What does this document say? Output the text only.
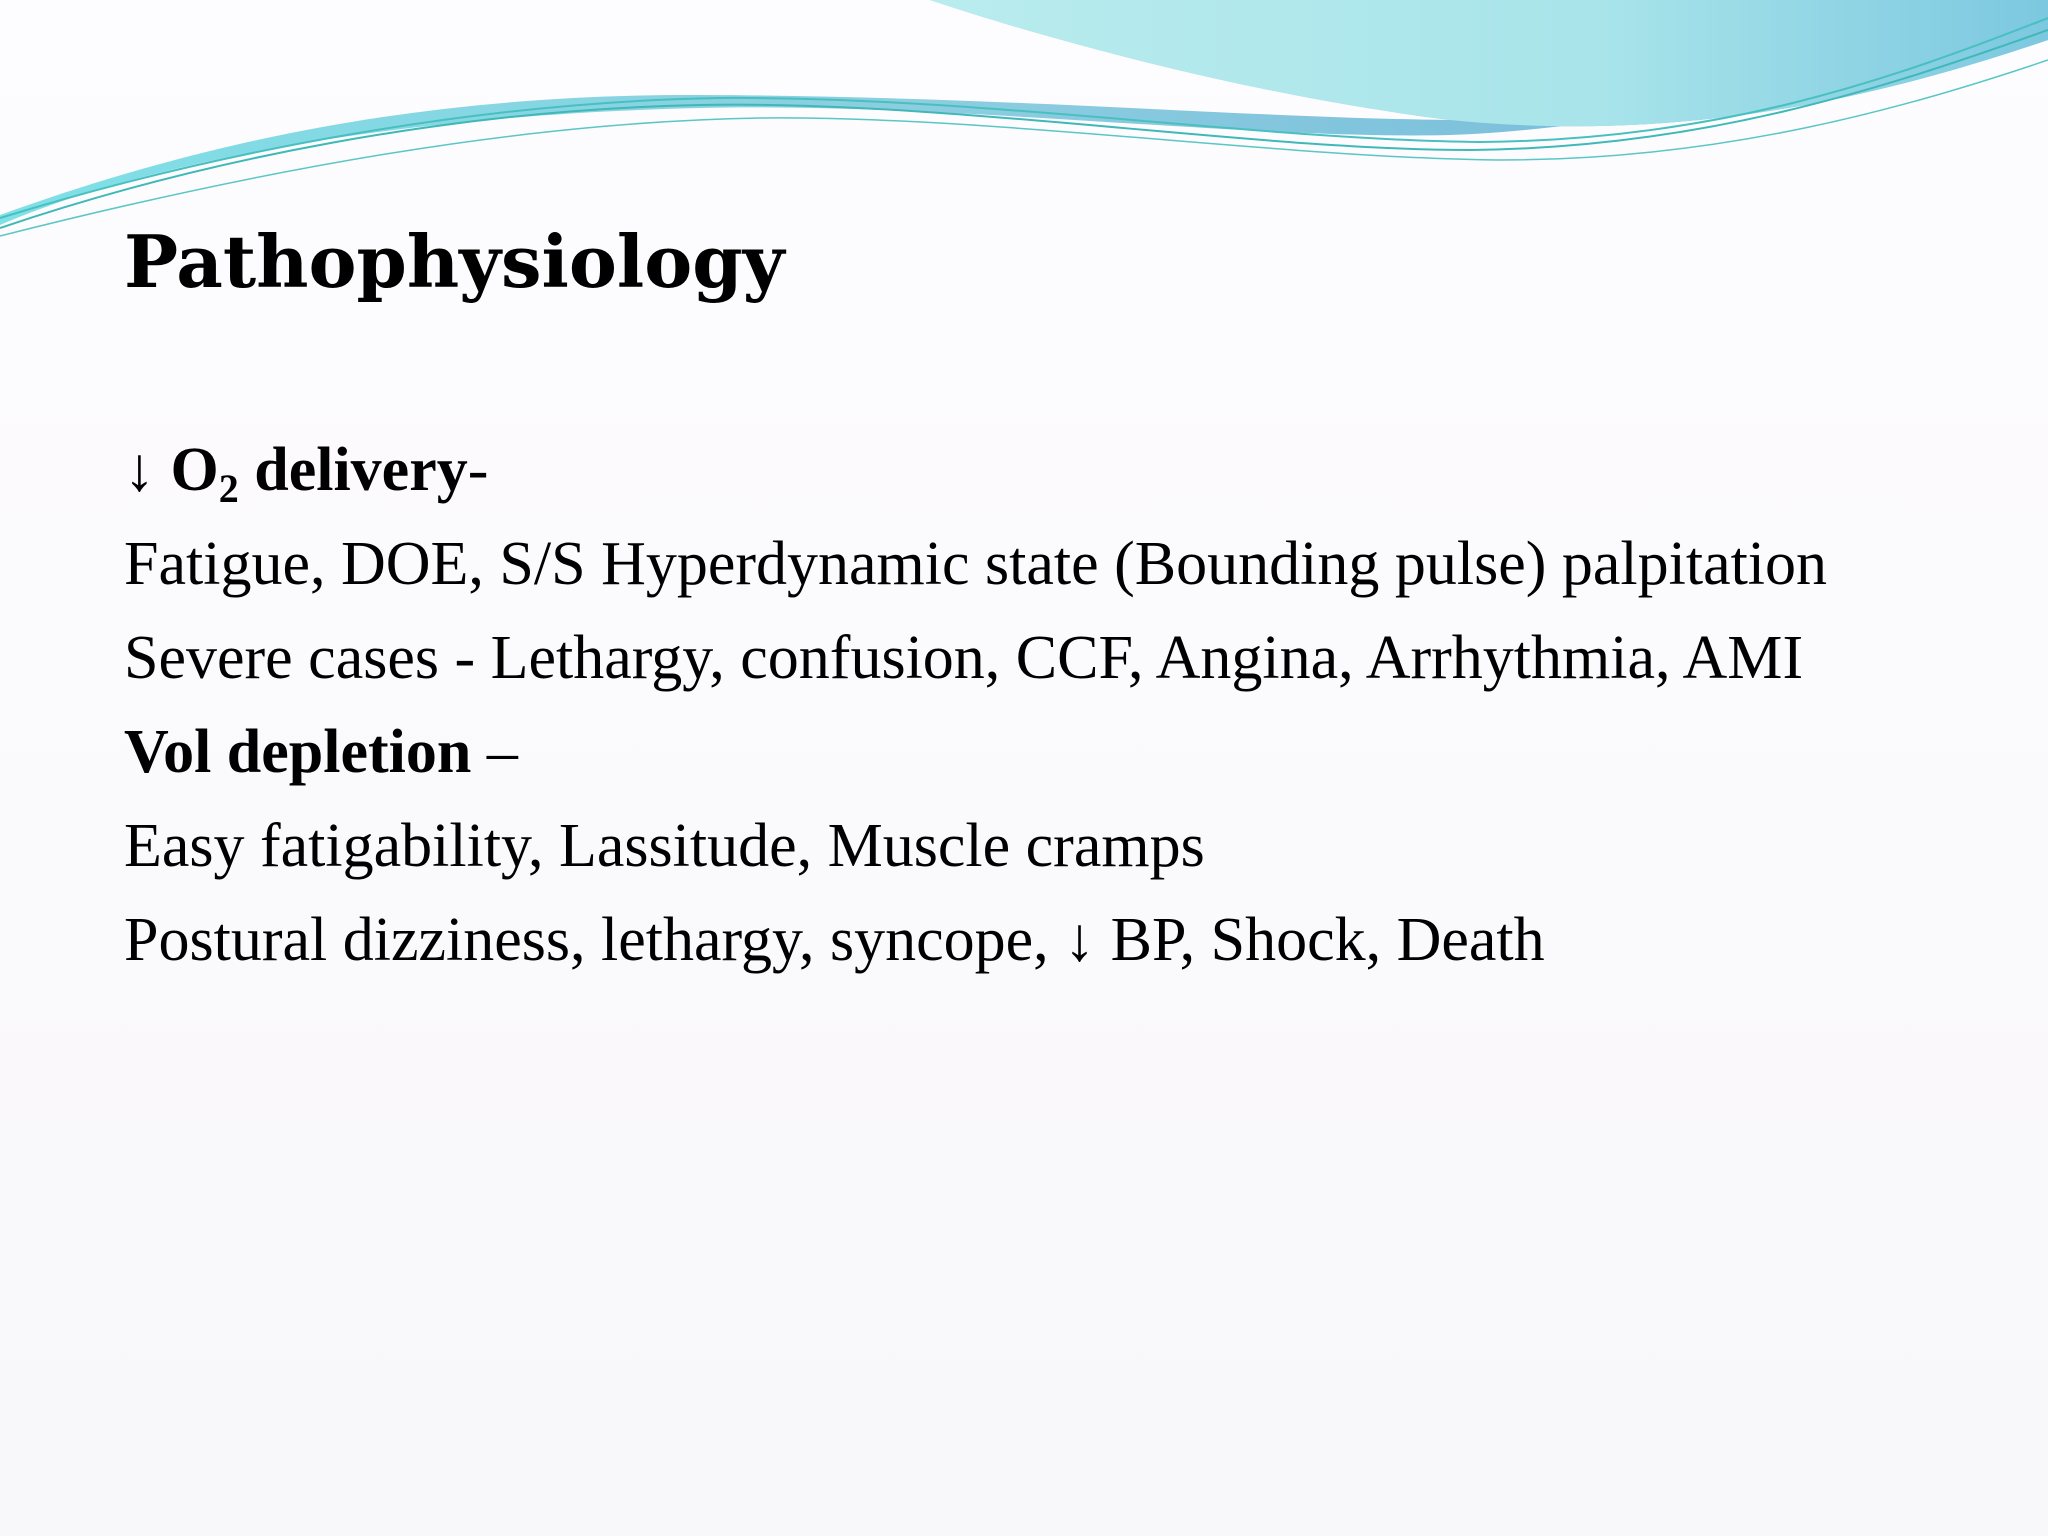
Pathophysiology

↓ $O_2$ delivery-

Fatigue, DOE, S/S Hyperdynamic state (Bounding pulse) palpitation

Severe cases - Lethargy, confusion, CCF, Angina, Arrhythmia, AMI

Vol depletion –

Easy fatigability, Lassitude, Muscle cramps

Postural dizziness, lethargy, syncope, ↓ BP, Shock, Death
